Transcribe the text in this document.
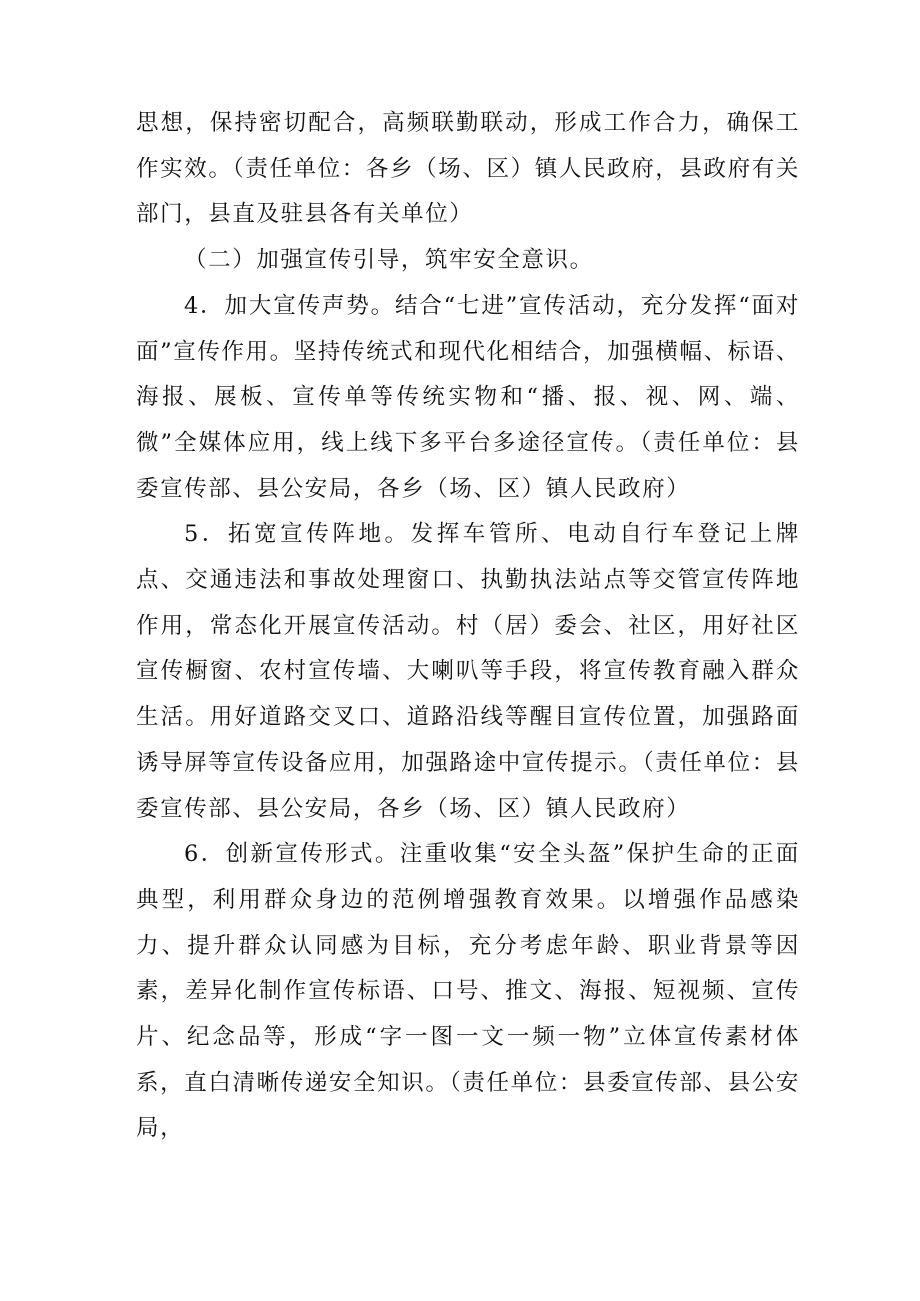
思想，保持密切配合，高频联勤联动，形成工作合力，确保工作实效。（责任单位：各乡（场、区）镇人民政府，县政府有关部门，县直及驻县各有关单位）

（二）加强宣传引导，筑牢安全意识。

4．加大宣传声势。结合“七进”宣传活动，充分发挥“面对面”宣传作用。坚持传统式和现代化相结合，加强横幅、标语、海报、展板、宣传单等传统实物和“播、报、视、网、端、微”全媒体应用，线上线下多平台多途径宣传。（责任单位：县委宣传部、县公安局，各乡（场、区）镇人民政府）

5．拓宽宣传阵地。发挥车管所、电动自行车登记上牌点、交通违法和事故处理窗口、执勤执法站点等交管宣传阵地作用，常态化开展宣传活动。村（居）委会、社区，用好社区宣传橱窗、农村宣传墙、大喇叭等手段，将宣传教育融入群众生活。用好道路交叉口、道路沿线等醒目宣传位置，加强路面诱导屏等宣传设备应用，加强路途中宣传提示。（责任单位：县委宣传部、县公安局，各乡（场、区）镇人民政府）

6．创新宣传形式。注重收集“安全头盔”保护生命的正面典型，利用群众身边的范例增强教育效果。以增强作品感染力、提升群众认同感为目标，充分考虑年龄、职业背景等因素，差异化制作宣传标语、口号、推文、海报、短视频、宣传片、纪念品等，形成“字一图一文一频一物”立体宣传素材体系，直白清晰传递安全知识。（责任单位：县委宣传部、县公安局，
